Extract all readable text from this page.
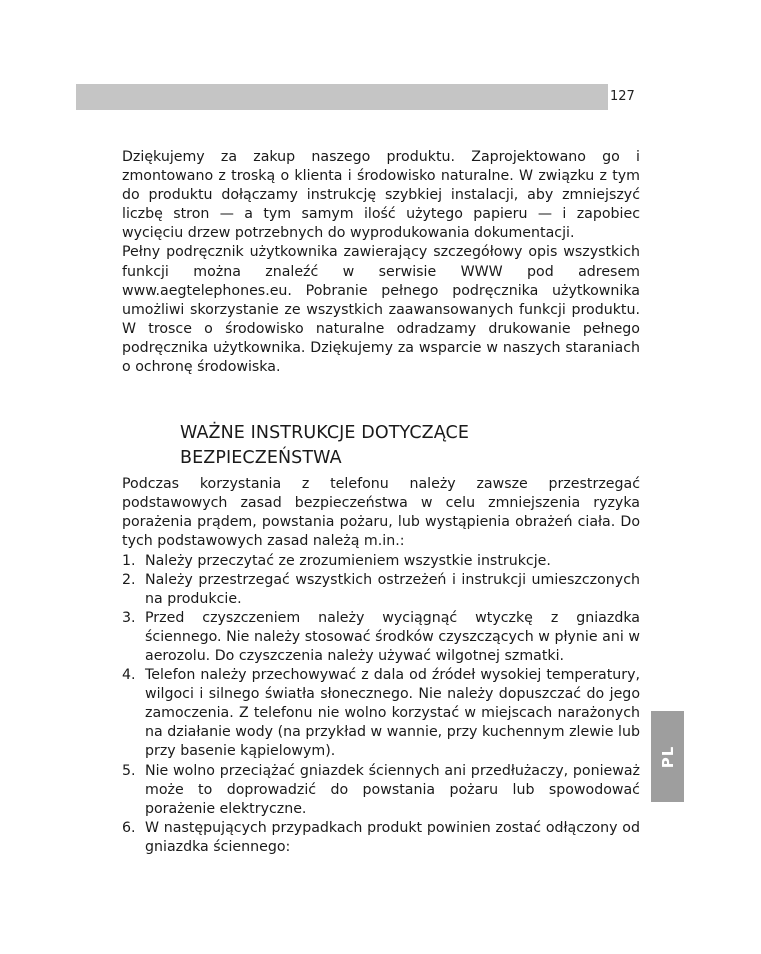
127

Dziękujemy za zakup naszego produktu. Zaprojektowano go i zmontowano z troską o klienta i środowisko naturalne. W związku z tym do produktu dołączamy instrukcję szybkiej instalacji, aby zmniejszyć liczbę stron — a tym samym ilość użytego papieru — i zapobiec wycięciu drzew potrzebnych do wyprodukowania dokumentacji.

Pełny podręcznik użytkownika zawierający szczegółowy opis wszystkich funkcji można znaleźć w serwisie WWW pod adresem www.aegtelephones.eu. Pobranie pełnego podręcznika użytkownika umożliwi skorzystanie ze wszystkich zaawansowanych funkcji produktu. W trosce o środowisko naturalne odradzamy drukowanie pełnego podręcznika użytkownika. Dziękujemy za wsparcie w naszych staraniach o ochronę środowiska.

WAŻNE INSTRUKCJE DOTYCZĄCE
BEZPIECZEŃSTWA

Podczas korzystania z telefonu należy zawsze przestrzegać podstawowych zasad bezpieczeństwa w celu zmniejszenia ryzyka porażenia prądem, powstania pożaru, lub wystąpienia obrażeń ciała. Do tych podstawowych zasad należą m.in.:

1. Należy przeczytać ze zrozumieniem wszystkie instrukcje.
2. Należy przestrzegać wszystkich ostrzeżeń i instrukcji umieszczonych na produkcie.
3. Przed czyszczeniem należy wyciągnąć wtyczkę z gniazdka ściennego. Nie należy stosować środków czyszczących w płynie ani w aerozolu. Do czyszczenia należy używać wilgotnej szmatki.
4. Telefon należy przechowywać z dala od źródeł wysokiej temperatury, wilgoci i silnego światła słonecznego. Nie należy dopuszczać do jego zamoczenia. Z telefonu nie wolno korzystać w miejscach narażonych na działanie wody (na przykład w wannie, przy kuchennym zlewie lub przy basenie kąpielowym).
5. Nie wolno przeciążać gniazdek ściennych ani przedłużaczy, ponieważ może to doprowadzić do powstania pożaru lub spowodować porażenie elektryczne.
6. W następujących przypadkach produkt powinien zostać odłączony od gniazdka ściennego:
PL
